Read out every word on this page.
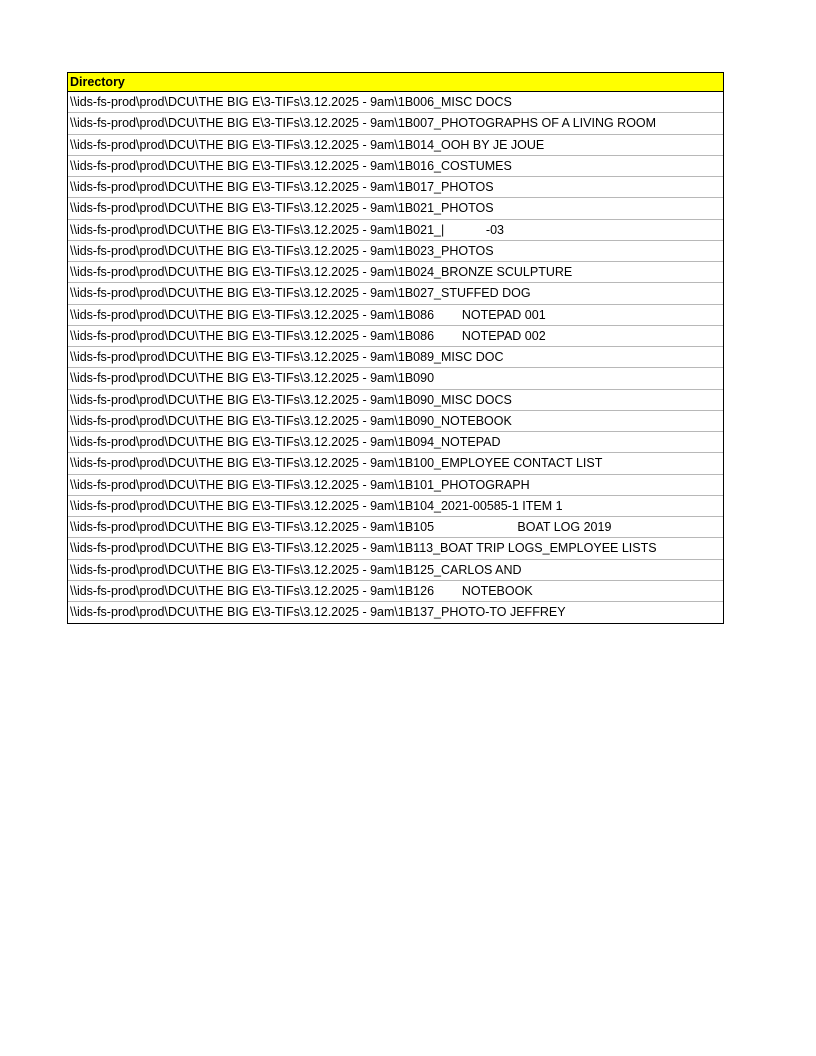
Directory
\\ids-fs-prod\prod\DCU\THE BIG E\3-TIFs\3.12.2025 - 9am\1B006_MISC DOCS
\\ids-fs-prod\prod\DCU\THE BIG E\3-TIFs\3.12.2025 - 9am\1B007_PHOTOGRAPHS OF A LIVING ROOM
\\ids-fs-prod\prod\DCU\THE BIG E\3-TIFs\3.12.2025 - 9am\1B014_OOH BY JE JOUE
\\ids-fs-prod\prod\DCU\THE BIG E\3-TIFs\3.12.2025 - 9am\1B016_COSTUMES
\\ids-fs-prod\prod\DCU\THE BIG E\3-TIFs\3.12.2025 - 9am\1B017_PHOTOS
\\ids-fs-prod\prod\DCU\THE BIG E\3-TIFs\3.12.2025 - 9am\1B021_PHOTOS
\\ids-fs-prod\prod\DCU\THE BIG E\3-TIFs\3.12.2025 - 9am\1B021_|            -03
\\ids-fs-prod\prod\DCU\THE BIG E\3-TIFs\3.12.2025 - 9am\1B023_PHOTOS
\\ids-fs-prod\prod\DCU\THE BIG E\3-TIFs\3.12.2025 - 9am\1B024_BRONZE SCULPTURE
\\ids-fs-prod\prod\DCU\THE BIG E\3-TIFs\3.12.2025 - 9am\1B027_STUFFED DOG
\\ids-fs-prod\prod\DCU\THE BIG E\3-TIFs\3.12.2025 - 9am\1B086        NOTEPAD 001
\\ids-fs-prod\prod\DCU\THE BIG E\3-TIFs\3.12.2025 - 9am\1B086        NOTEPAD 002
\\ids-fs-prod\prod\DCU\THE BIG E\3-TIFs\3.12.2025 - 9am\1B089_MISC DOC
\\ids-fs-prod\prod\DCU\THE BIG E\3-TIFs\3.12.2025 - 9am\1B090
\\ids-fs-prod\prod\DCU\THE BIG E\3-TIFs\3.12.2025 - 9am\1B090_MISC DOCS
\\ids-fs-prod\prod\DCU\THE BIG E\3-TIFs\3.12.2025 - 9am\1B090_NOTEBOOK
\\ids-fs-prod\prod\DCU\THE BIG E\3-TIFs\3.12.2025 - 9am\1B094_NOTEPAD
\\ids-fs-prod\prod\DCU\THE BIG E\3-TIFs\3.12.2025 - 9am\1B100_EMPLOYEE CONTACT LIST
\\ids-fs-prod\prod\DCU\THE BIG E\3-TIFs\3.12.2025 - 9am\1B101_PHOTOGRAPH
\\ids-fs-prod\prod\DCU\THE BIG E\3-TIFs\3.12.2025 - 9am\1B104_2021-00585-1 ITEM 1
\\ids-fs-prod\prod\DCU\THE BIG E\3-TIFs\3.12.2025 - 9am\1B105                        BOAT LOG 2019
\\ids-fs-prod\prod\DCU\THE BIG E\3-TIFs\3.12.2025 - 9am\1B113_BOAT TRIP LOGS_EMPLOYEE LISTS
\\ids-fs-prod\prod\DCU\THE BIG E\3-TIFs\3.12.2025 - 9am\1B125_CARLOS AND
\\ids-fs-prod\prod\DCU\THE BIG E\3-TIFs\3.12.2025 - 9am\1B126        NOTEBOOK
\\ids-fs-prod\prod\DCU\THE BIG E\3-TIFs\3.12.2025 - 9am\1B137_PHOTO-TO JEFFREY
